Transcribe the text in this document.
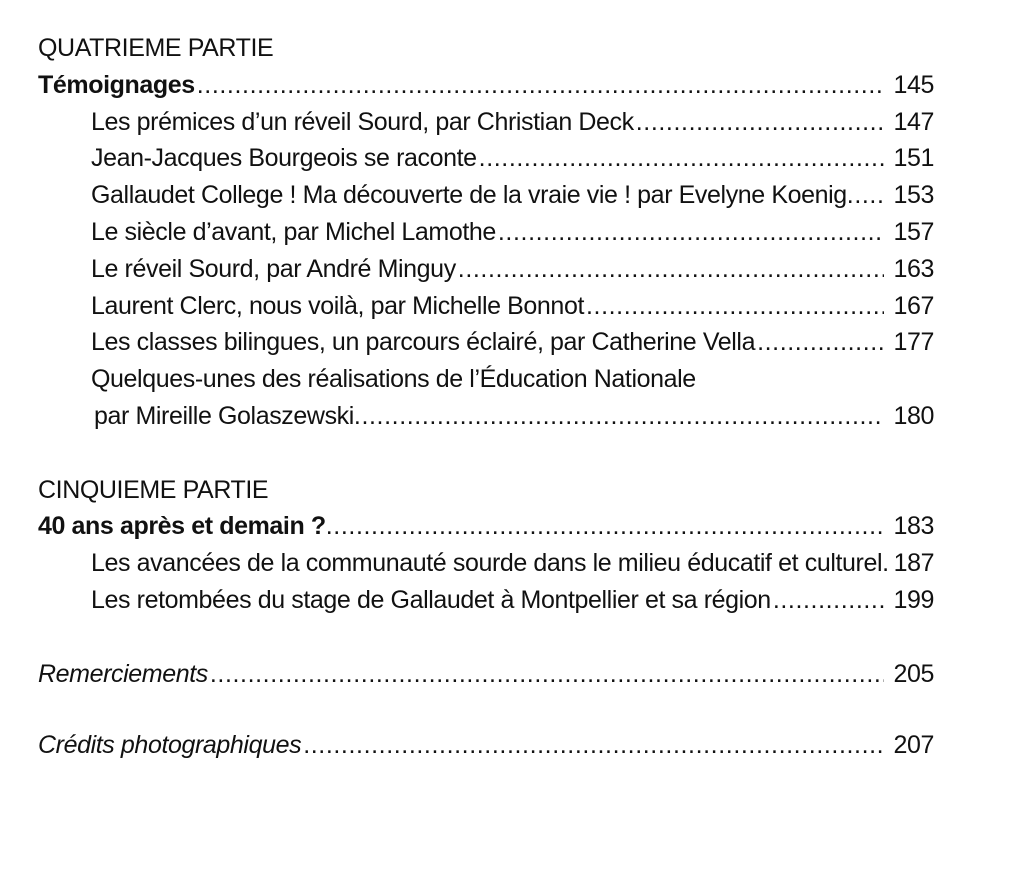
QUATRIEME PARTIE
Témoignages .....	145
Les prémices d’un réveil Sourd, par Christian Deck .....	147
Jean-Jacques Bourgeois se raconte .....	151
Gallaudet College ! Ma découverte de la vraie vie ! par Evelyne Koenig ..... 153
Le siècle d’avant, par Michel Lamothe .....	157
Le réveil Sourd, par André Minguy .....	163
Laurent Clerc, nous voilà, par Michelle Bonnot .....	167
Les classes bilingues, un parcours éclairé, par Catherine Vella .....	177
Quelques-unes des réalisations de l’Éducation Nationale
par Mireille Golaszewski .....	180
CINQUIEME PARTIE
40 ans après et demain ? .....	183
Les avancées de la communauté sourde dans le milieu éducatif et culturel ..... 187
Les retombées du stage de Gallaudet à Montpellier et sa région .....	199
Remerciements .....	205
Crédits photographiques .....	207
